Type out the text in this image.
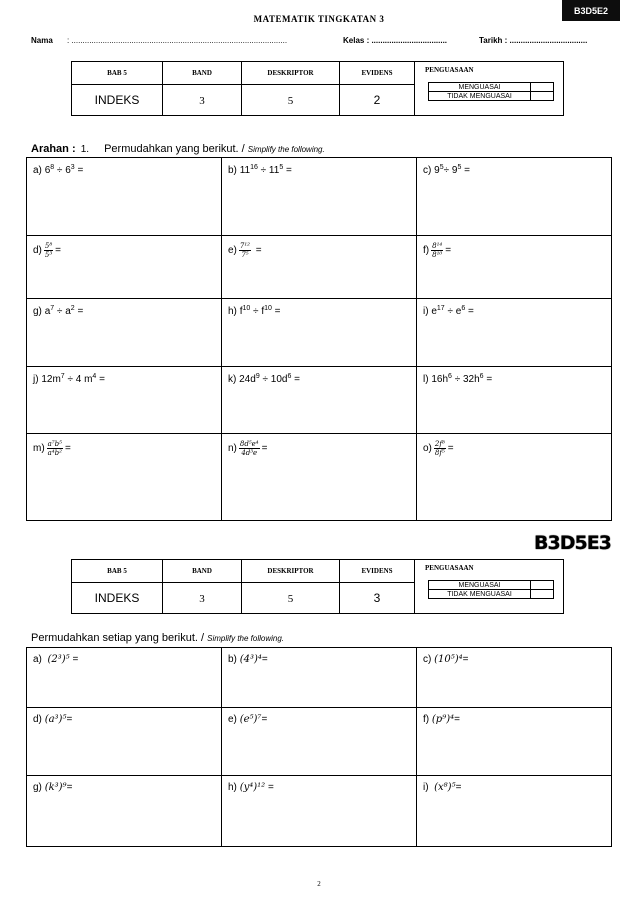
B3D5E2
MATEMATIK TINGKATAN 3
Nama : .................................................................................................	Kelas : ..................................	Tarikh : ...................................
BAB 5	BAND	DESKRIPTOR	EVIDENS	PENGUASAAN
MENGUASAI	
TIDAK MENGUASAI	

INDEKS	3	5	2
Arahan : 1. Permudahkan yang berikut. / Simplify the following.
a) $6^8 \div 6^3$ =	b) $11^{16} \div 11^5$ =	c) $9^5\div 9^5$ =
$d) \frac{\text{5⁸}}{\text{5³}}$ =	$e) \frac{\text{7¹²}}{\text{7⁵}}$ =	$f) \frac{\text{8¹⁴}}{\text{8¹⁰}}$ =
g) $a^7 \div a^2$ =	h) $f^{10} \div f^{10}$ =	i) $e^{17} \div e^6$ =
j) $12m^7 \div 4$ $m^4$ =	k) $24d^9 \div 10d^6$ =	l) $16h^6 \div 32h^6$ =
$m) \frac{\text{a⁷b⁵}}{\text{a⁴b²}}$ =	$n) \frac{\text{8d⁵e⁴}}{\text{4d³e}}$ =	$o) \frac{\text{2f⁸}}{\text{8f⁵}}$ =
B3D5E3
BAB 5	BAND	DESKRIPTOR	EVIDENS	PENGUASAAN
MENGUASAI	
TIDAK MENGUASAI	

INDEKS	3	5	3
Permudahkan setiap yang berikut. / Simplify the following.
a) (2³)⁵ =	b) (4³)⁴=	c) (10⁵)⁴=
d) (a³)⁵=	e) (e⁵)⁷=	f) (p⁹)⁴=
g) (k³)⁹=	h) (y⁴)¹² =	i) (x⁸)⁵=
2
